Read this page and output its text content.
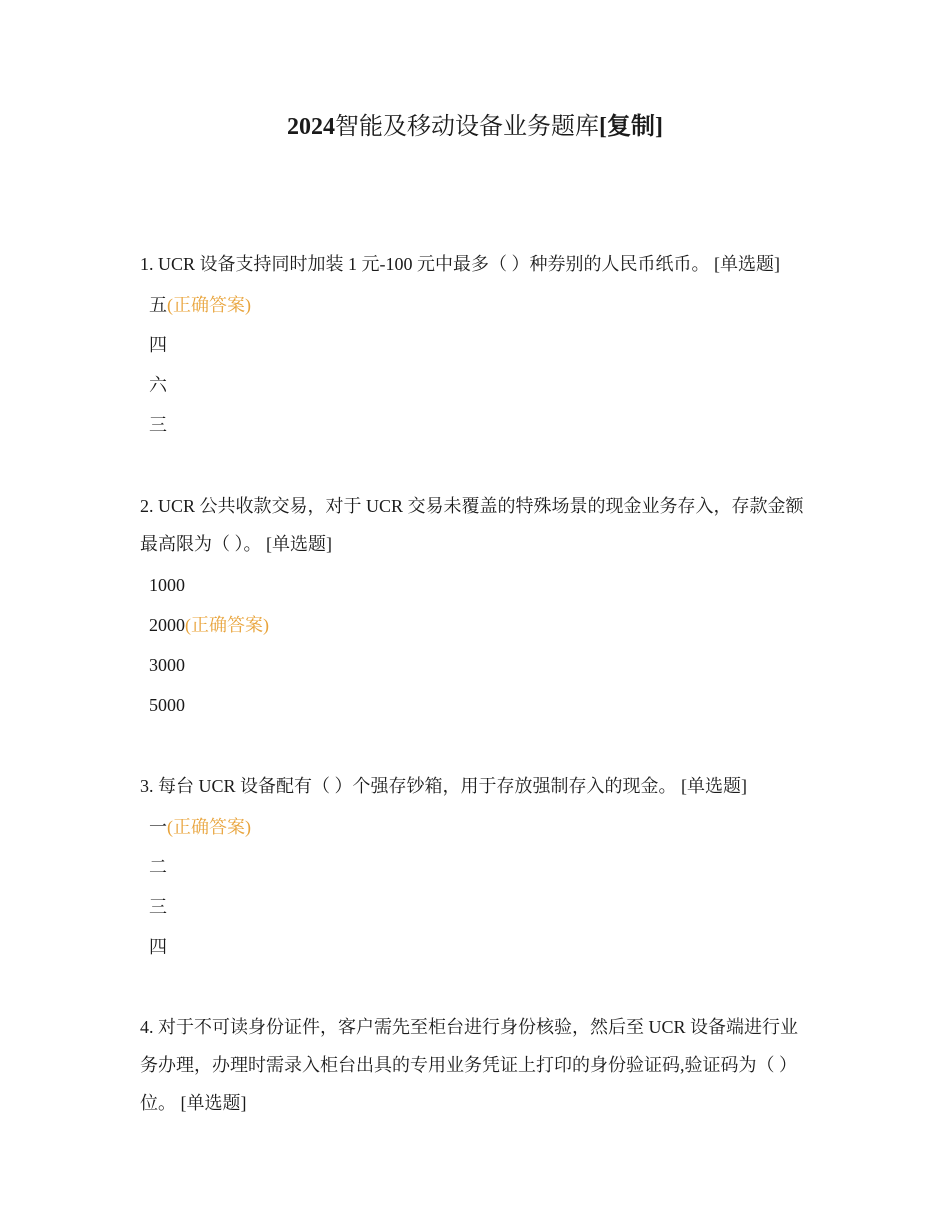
2024智能及移动设备业务题库[复制]

1. UCR 设备支持同时加装 1 元-100 元中最多（ ）种券别的人民币纸币。 [单选题]

五(正确答案)
四
六
三

2. UCR 公共收款交易，对于 UCR 交易未覆盖的特殊场景的现金业务存入，存款金额最高限为（ ）。 [单选题]

1000
2000(正确答案)
3000
5000

3. 每台 UCR 设备配有（ ）个强存钞箱，用于存放强制存入的现金。 [单选题]

一(正确答案)
二
三
四

4. 对于不可读身份证件，客户需先至柜台进行身份核验，然后至 UCR 设备端进行业务办理，办理时需录入柜台出具的专用业务凭证上打印的身份验证码,验证码为（ ）位。 [单选题]
